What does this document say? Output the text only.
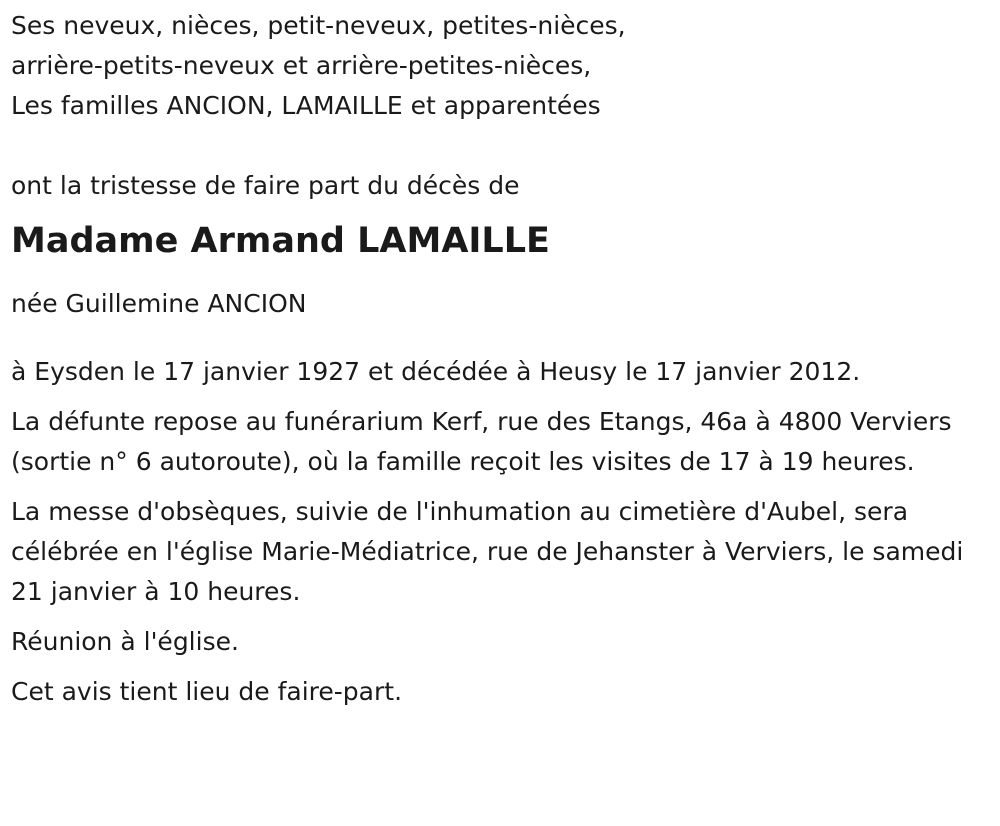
Ses neveux, nièces, petit-neveux, petites-nièces,

arrière-petits-neveux et arrière-petites-nièces,

Les familles ANCION, LAMAILLE et apparentées

ont la tristesse de faire part du décès de

Madame Armand LAMAILLE

née Guillemine ANCION

à Eysden le 17 janvier 1927 et décédée à Heusy le 17 janvier 2012.

La défunte repose au funérarium Kerf, rue des Etangs, 46a à 4800 Verviers (sortie n° 6 autoroute), où la famille reçoit les visites de 17 à 19 heures.

La messe d'obsèques, suivie de l'inhumation au cimetière d'Aubel, sera célébrée en l'église Marie-Médiatrice, rue de Jehanster à Verviers, le samedi 21 janvier à 10 heures.

Réunion à l'église.

Cet avis tient lieu de faire-part.
